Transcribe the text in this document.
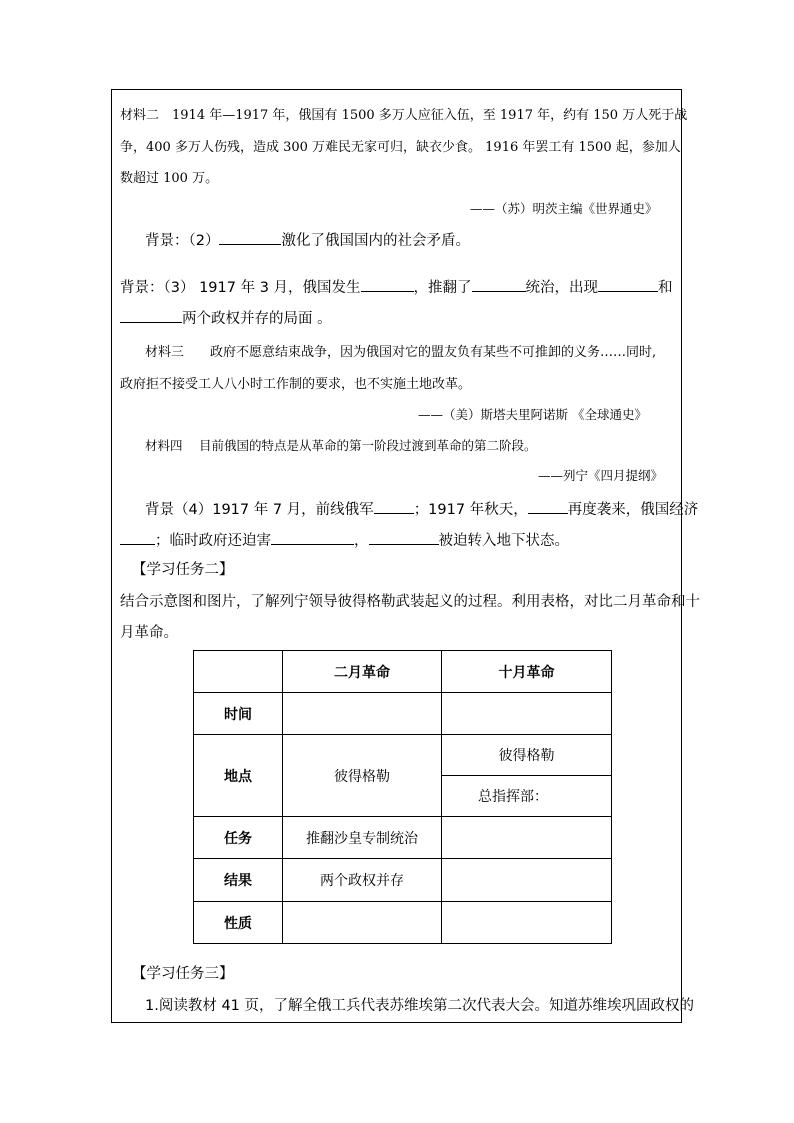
材料二　1914 年—1917 年，俄国有 1500 多万人应征入伍，至 1917 年，约有 150 万人死于战
争，400 多万人伤残，造成 300 万难民无家可归，缺衣少食。 1916 年罢工有 1500 起，参加人
数超过 100 万。
——（苏）明茨主编《世界通史》
背景：（2）	激化了俄国国内的社会矛盾。
背景：（3） 1917 年 3 月，俄国发生	，推翻了	统治，出现	和
两个政权并存的局面 。
材料三　　政府不愿意结束战争，因为俄国对它的盟友负有某些不可推卸的义务……同时,
政府拒不接受工人八小时工作制的要求，也不实施土地改革。
——（美）斯塔夫里阿诺斯 《全球通史》
材料四　 目前俄国的特点是从革命的第一阶段过渡到革命的第二阶段。
——列宁《四月提纲》
背景（4）1917 年 7 月，前线俄军	；1917 年秋天，	再度袭来，俄国经济
；临时政府还迫害	，	被迫转入地下状态。
【学习任务二】
结合示意图和图片，了解列宁领导彼得格勒武装起义的过程。利用表格，对比二月革命和十
月革命。
	二月革命	十月革命
时间		
地点	彼得格勒	彼得格勒
		总指挥部：
任务	推翻沙皇专制统治	
结果	两个政权并存	
性质		
【学习任务三】
1.阅读教材 41 页，了解全俄工兵代表苏维埃第二次代表大会。知道苏维埃巩固政权的
